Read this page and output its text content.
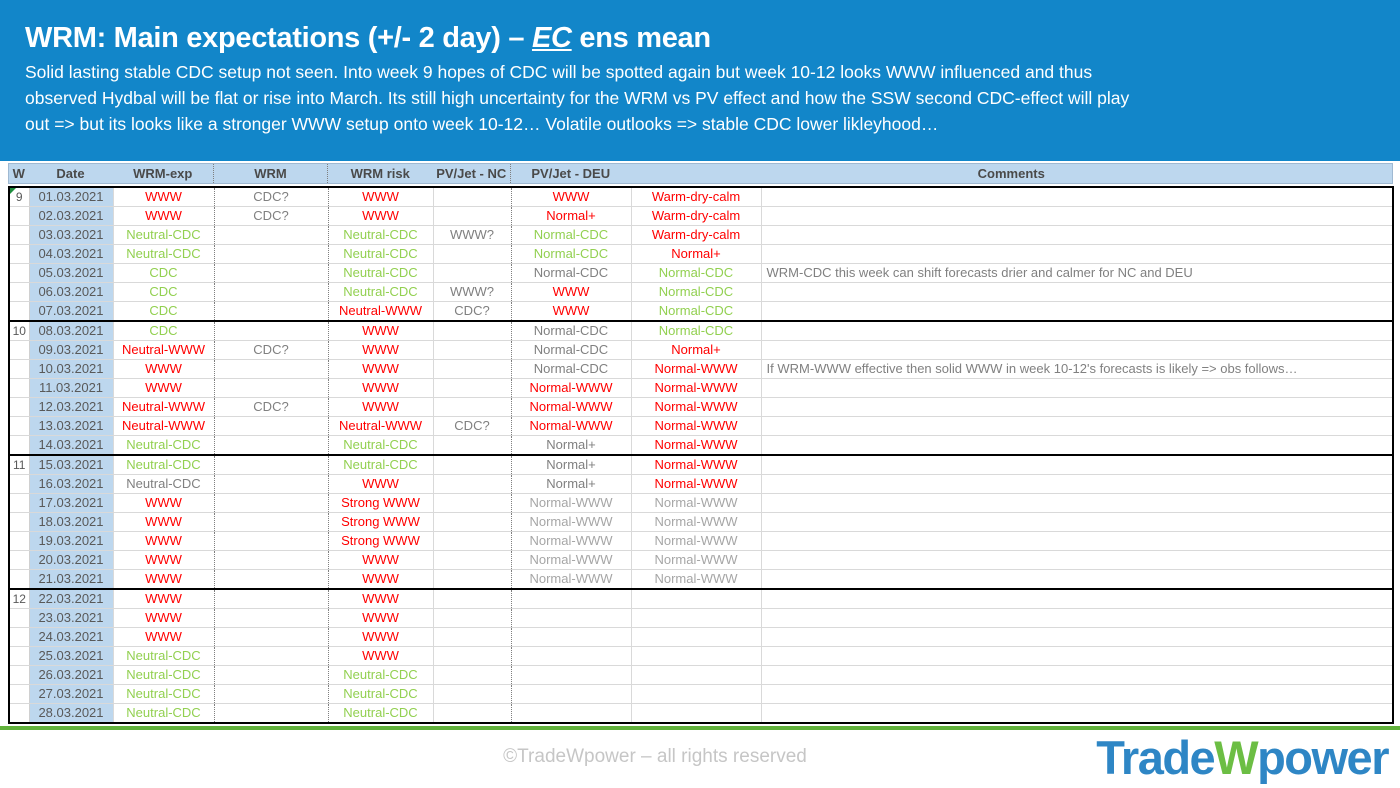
WRM: Main expectations (+/- 2 day) – EC ens mean
Solid lasting stable CDC setup not seen. Into week 9 hopes of CDC will be spotted again but week 10-12 looks WWW influenced and thus
observed Hydbal will be flat or rise into March. Its still high uncertainty for the WRM vs PV effect and how the SSW second CDC-effect will play
out => but its looks like a stronger WWW setup onto week 10-12… Volatile outlooks => stable CDC lower likleyhood…
W	Date	WRM-exp	WRM	WRM risk	PV/Jet - NC	PV/Jet - DEU		Comments
9	01.03.2021	WWW	CDC?	WWW		WWW	Warm-dry-calm	
	02.03.2021	WWW	CDC?	WWW		Normal+	Warm-dry-calm	
	03.03.2021	Neutral-CDC		Neutral-CDC	WWW?	Normal-CDC	Warm-dry-calm	
	04.03.2021	Neutral-CDC		Neutral-CDC		Normal-CDC	Normal+	
	05.03.2021	CDC		Neutral-CDC		Normal-CDC	Normal-CDC	WRM-CDC this week can shift forecasts drier and calmer for NC and DEU
	06.03.2021	CDC		Neutral-CDC	WWW?	WWW	Normal-CDC	
	07.03.2021	CDC		Neutral-WWW	CDC?	WWW	Normal-CDC	
10	08.03.2021	CDC		WWW		Normal-CDC	Normal-CDC	
	09.03.2021	Neutral-WWW	CDC?	WWW		Normal-CDC	Normal+	
	10.03.2021	WWW		WWW		Normal-CDC	Normal-WWW	If WRM-WWW effective then solid WWW in week 10-12's forecasts is likely => obs follows…
	11.03.2021	WWW		WWW		Normal-WWW	Normal-WWW	
	12.03.2021	Neutral-WWW	CDC?	WWW		Normal-WWW	Normal-WWW	
	13.03.2021	Neutral-WWW		Neutral-WWW	CDC?	Normal-WWW	Normal-WWW	
	14.03.2021	Neutral-CDC		Neutral-CDC		Normal+	Normal-WWW	
11	15.03.2021	Neutral-CDC		Neutral-CDC		Normal+	Normal-WWW	
	16.03.2021	Neutral-CDC		WWW		Normal+	Normal-WWW	
	17.03.2021	WWW		Strong WWW		Normal-WWW	Normal-WWW	
	18.03.2021	WWW		Strong WWW		Normal-WWW	Normal-WWW	
	19.03.2021	WWW		Strong WWW		Normal-WWW	Normal-WWW	
	20.03.2021	WWW		WWW		Normal-WWW	Normal-WWW	
	21.03.2021	WWW		WWW		Normal-WWW	Normal-WWW	
12	22.03.2021	WWW		WWW				
	23.03.2021	WWW		WWW				
	24.03.2021	WWW		WWW				
	25.03.2021	Neutral-CDC		WWW				
	26.03.2021	Neutral-CDC		Neutral-CDC				
	27.03.2021	Neutral-CDC		Neutral-CDC				
	28.03.2021	Neutral-CDC		Neutral-CDC				
©TradeWpower – all rights reserved	TradeWpower
